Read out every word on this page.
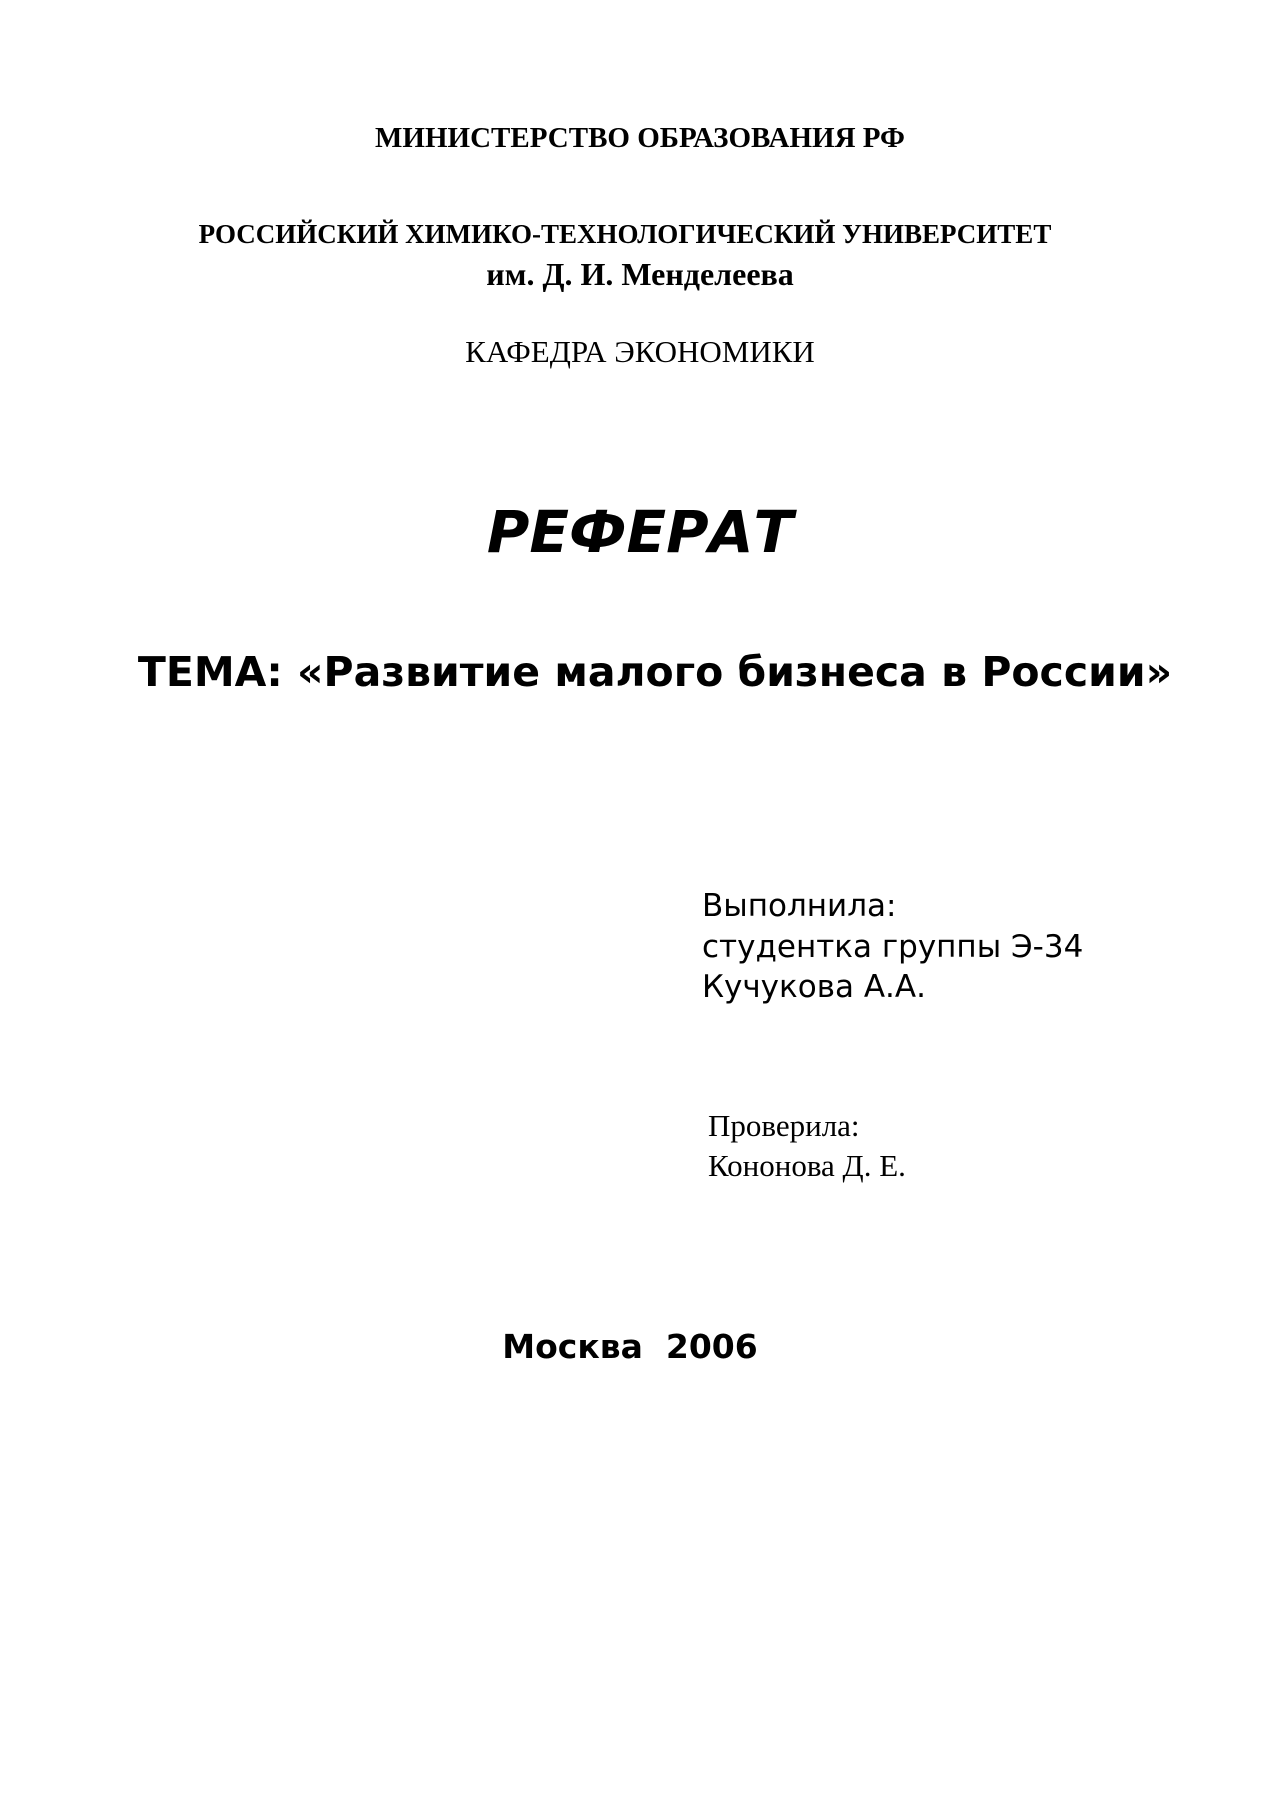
МИНИСТЕРСТВО ОБРАЗОВАНИЯ РФ
РОССИЙСКИЙ ХИМИКО-ТЕХНОЛОГИЧЕСКИЙ УНИВЕРСИТЕТ
им. Д. И. Менделеева
КАФЕДРА ЭКОНОМИКИ
РЕФЕРАТ
ТЕМА: «Развитие малого бизнеса в России»
Выполнила:
студентка группы Э-34
Кучукова А.А.
Проверила:
Кононова Д. Е.
Москва  2006
